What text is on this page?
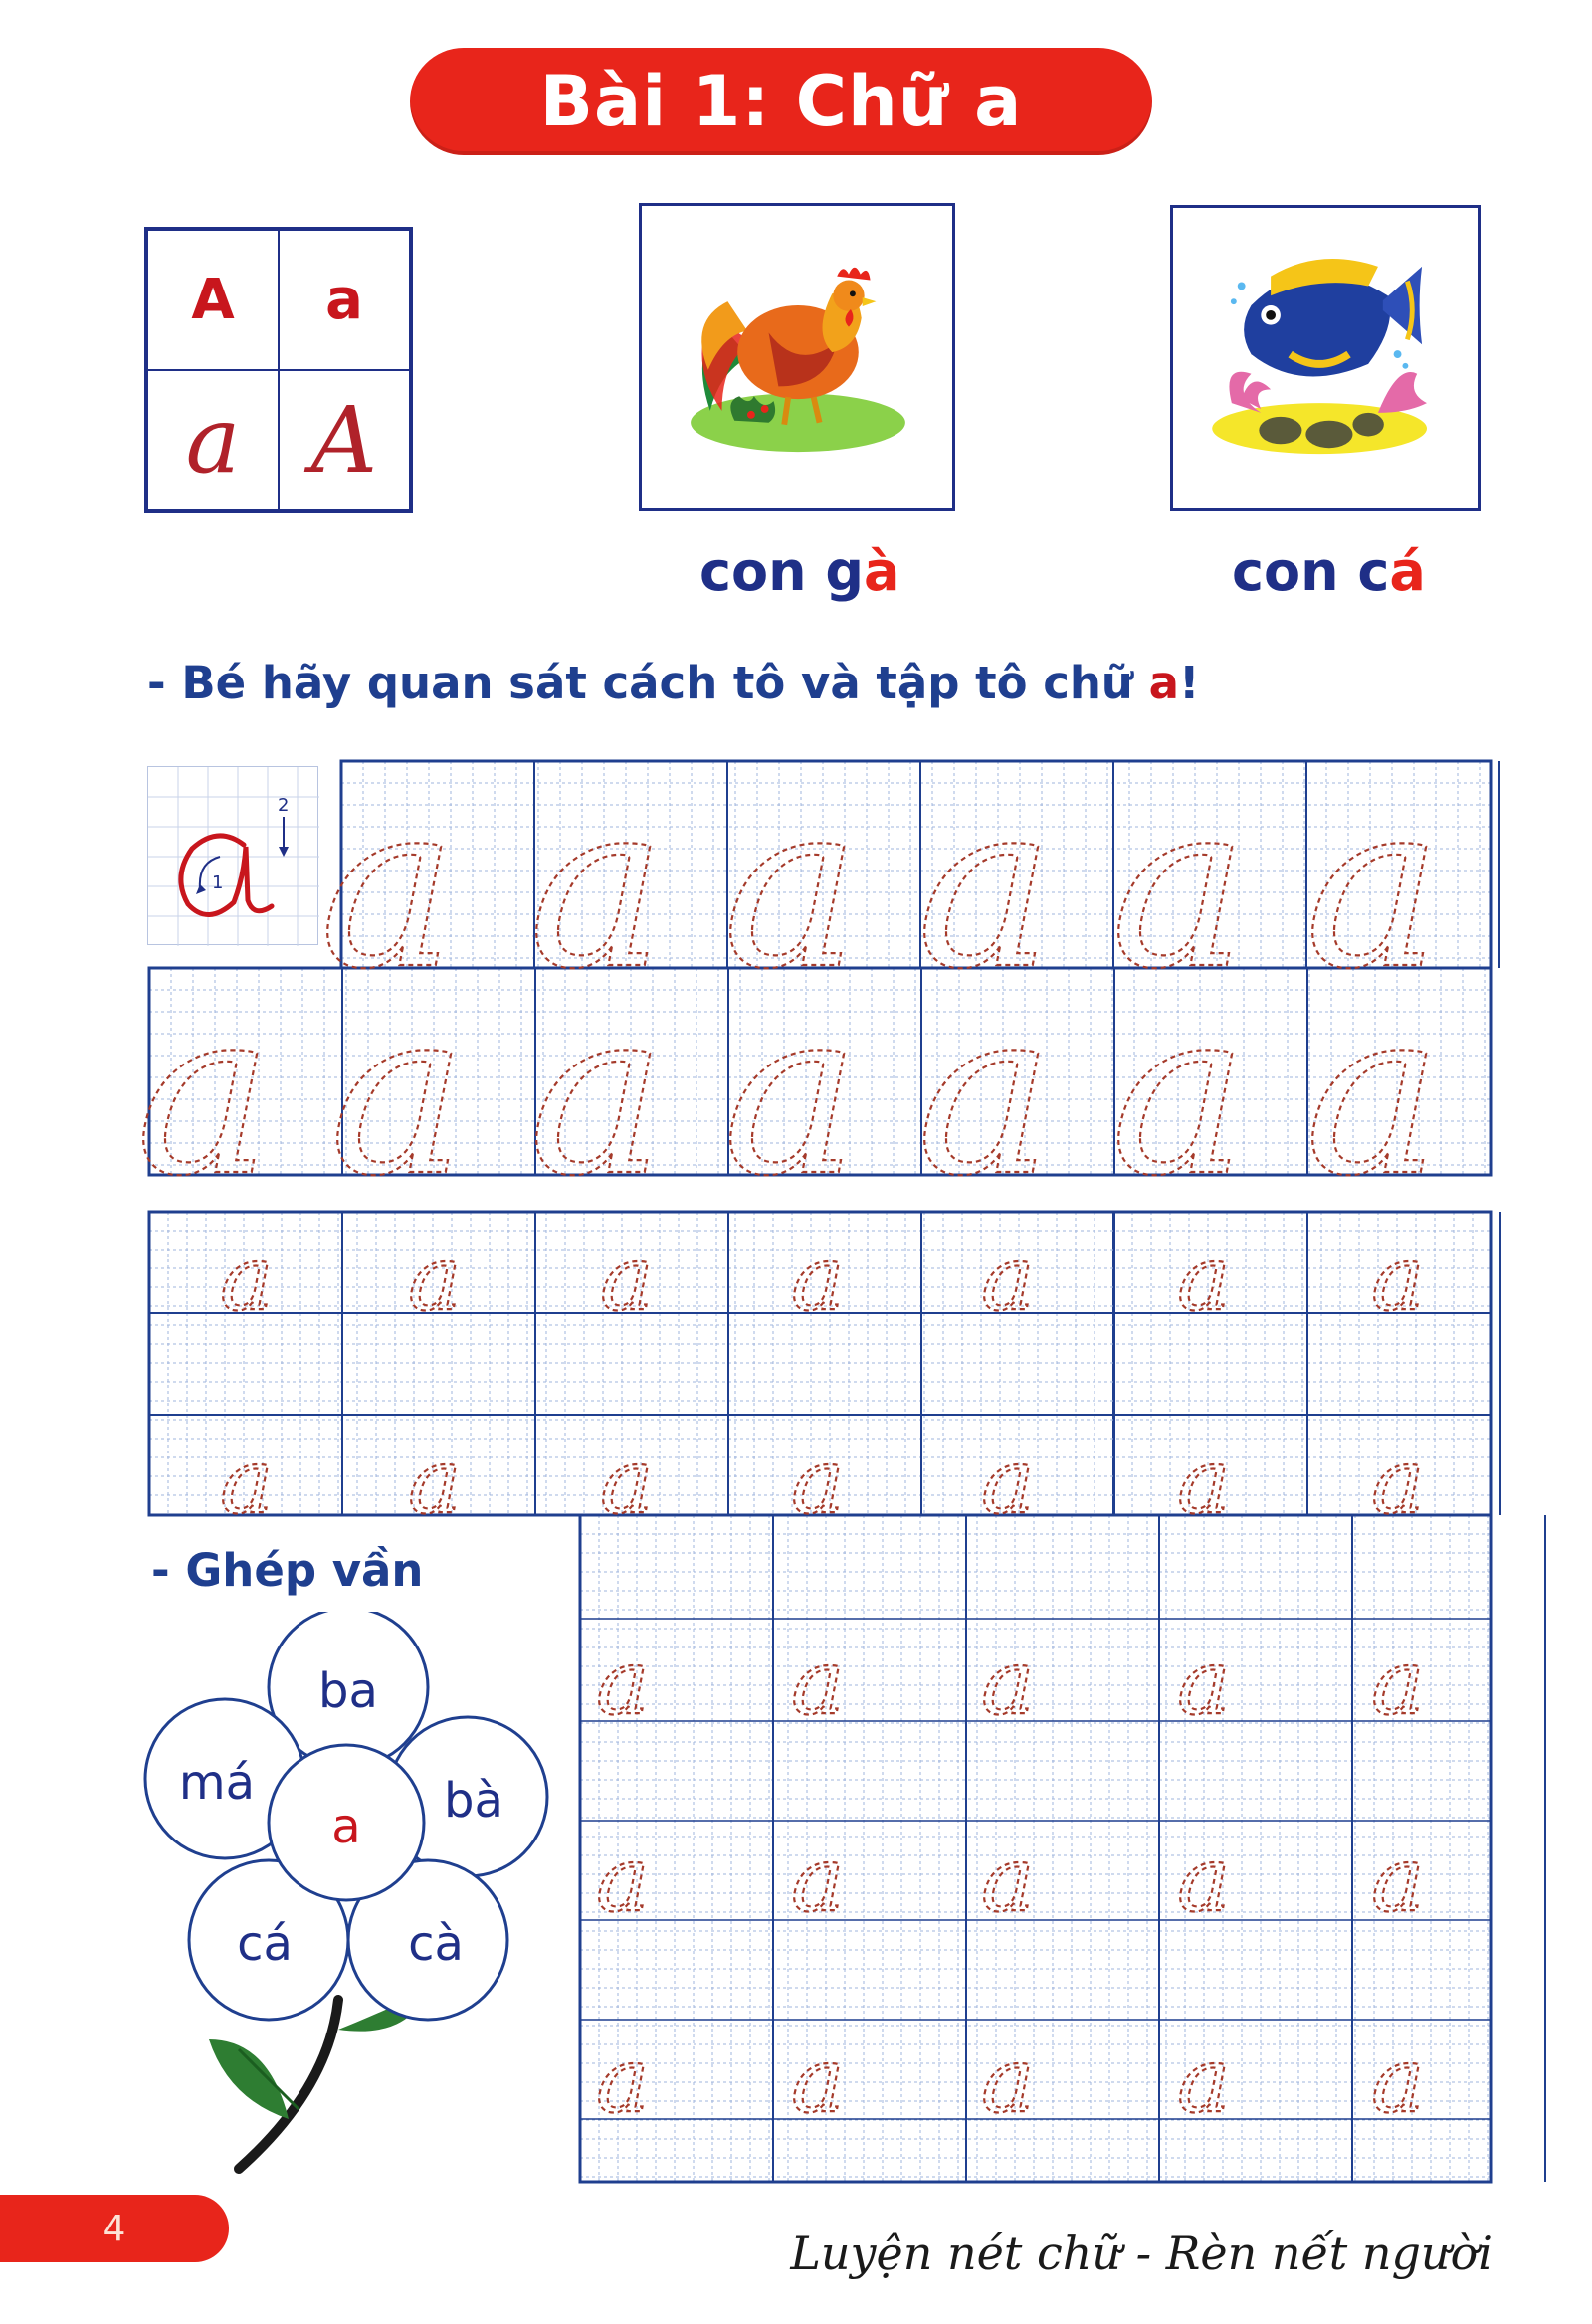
Bài 1: Chữ a
A a
a A
con gà	con cá
- Bé hãy quan sát cách tô và tập tô chữ a!
1
2 a a a a a a
a a a a a a a
a a a a a a a
a a a a a a a
a a a a a
a a a a a
a a a a a
- Ghép vần
ba
bà
cà
cá
má
a
4	Luyện nét chữ - Rèn nết người
